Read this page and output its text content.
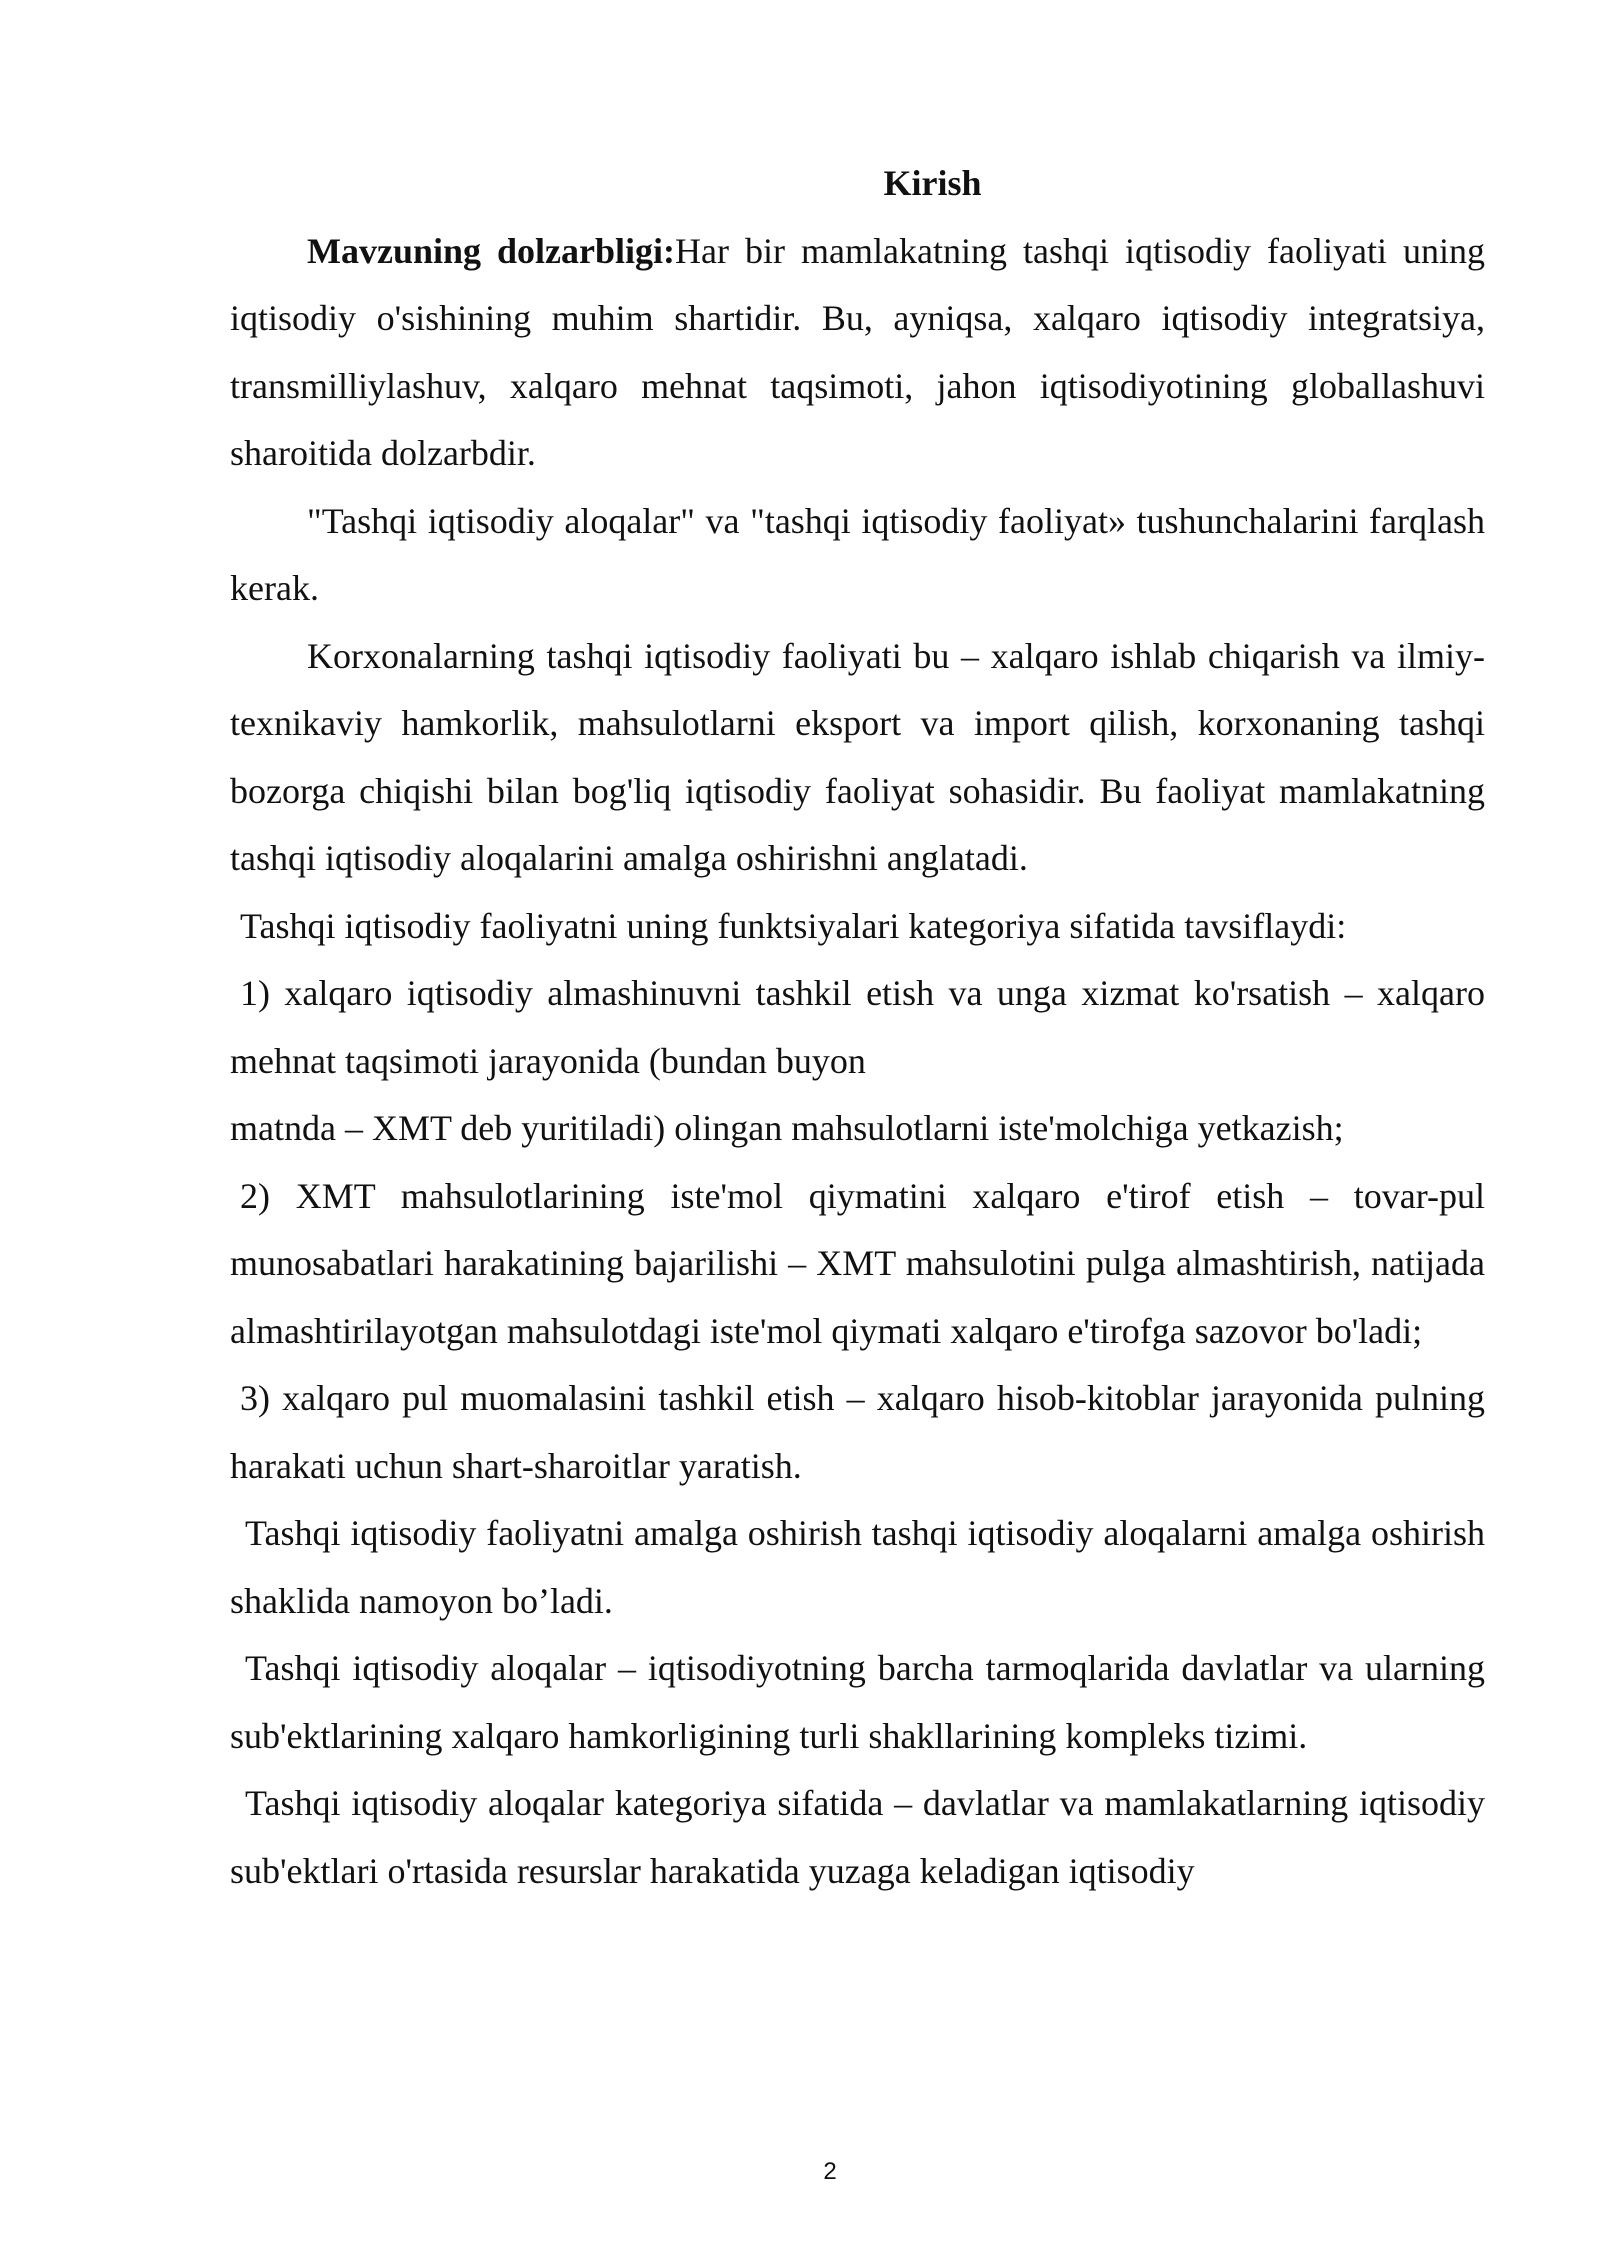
Kirish

Mavzuning dolzarbligi:Har bir mamlakatning tashqi iqtisodiy faoliyati uning iqtisodiy o'sishining muhim shartidir. Bu, ayniqsa, xalqaro iqtisodiy integratsiya, transmilliylashuv, xalqaro mehnat taqsimoti, jahon iqtisodiyotining globallashuvi sharoitida dolzarbdir.

"Tashqi iqtisodiy aloqalar" va "tashqi iqtisodiy faoliyat» tushunchalarini farqlash kerak.

Korxonalarning tashqi iqtisodiy faoliyati bu – xalqaro ishlab chiqarish va ilmiy-texnikaviy hamkorlik, mahsulotlarni eksport va import qilish, korxonaning tashqi bozorga chiqishi bilan bog'liq iqtisodiy faoliyat sohasidir. Bu faoliyat mamlakatning tashqi iqtisodiy aloqalarini amalga oshirishni anglatadi.

Tashqi iqtisodiy faoliyatni uning funktsiyalari kategoriya sifatida tavsiflaydi:

1) xalqaro iqtisodiy almashinuvni tashkil etish va unga xizmat ko'rsatish – xalqaro mehnat taqsimoti jarayonida (bundan buyon

matnda – XMT deb yuritiladi) olingan mahsulotlarni iste'molchiga yetkazish;

2) XMT mahsulotlarining iste'mol qiymatini xalqaro e'tirof etish – tovar-pul munosabatlari harakatining bajarilishi – XMT mahsulotini pulga almashtirish, natijada almashtirilayotgan mahsulotdagi iste'mol qiymati xalqaro e'tirofga sazovor bo'ladi;

3) xalqaro pul muomalasini tashkil etish – xalqaro hisob-kitoblar jarayonida pulning harakati uchun shart-sharoitlar yaratish.

Tashqi iqtisodiy faoliyatni amalga oshirish tashqi iqtisodiy aloqalarni amalga oshirish shaklida namoyon bo’ladi.

Tashqi iqtisodiy aloqalar – iqtisodiyotning barcha tarmoqlarida davlatlar va ularning sub'ektlarining xalqaro hamkorligining turli shakllarining kompleks tizimi.

Tashqi iqtisodiy aloqalar kategoriya sifatida – davlatlar va mamlakatlarning iqtisodiy sub'ektlari o'rtasida resurslar harakatida yuzaga keladigan iqtisodiy

2
